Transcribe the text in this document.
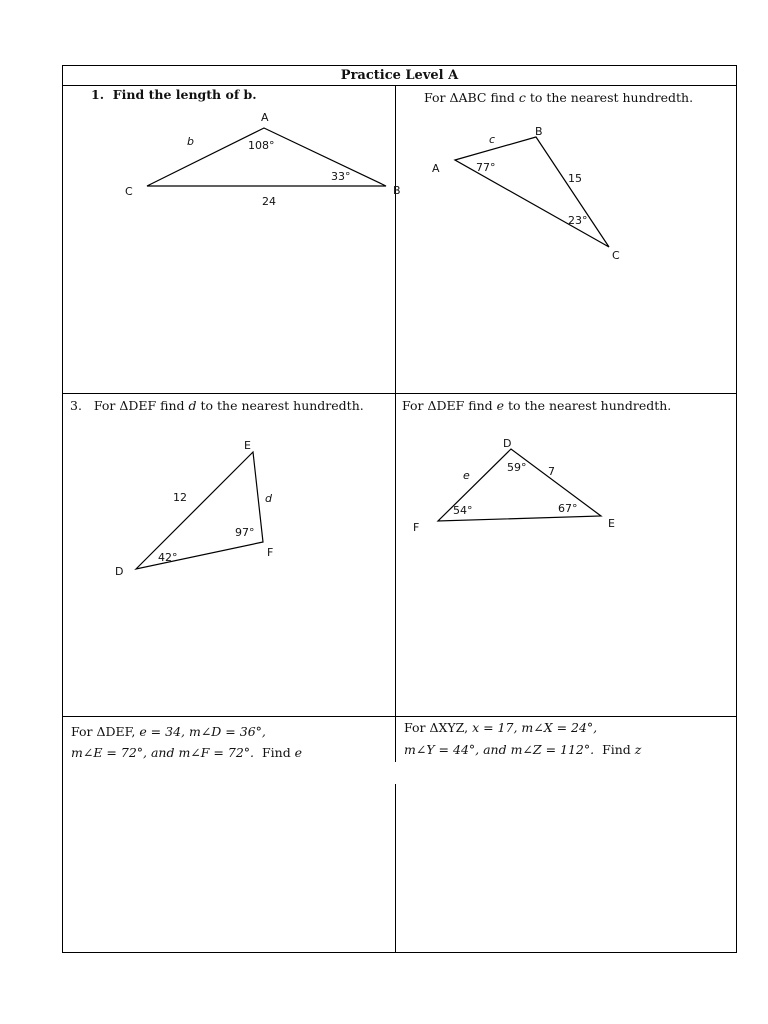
Practice Level A
1. Find the length of b.	For ΔABC find c to the nearest hundredth.
3. For ΔDEF find d to the nearest hundredth.	For ΔDEF find e to the nearest hundredth.
For ΔDEF, e = 34, m∠D = 36°,
m∠E = 72°, and m∠F = 72°. Find e
For ΔXYZ, x = 17, m∠X = 24°,
m∠Y = 44°, and m∠Z = 112°. Find z
A
B
C
108°
33°
24
b
A
B
C
77°
23°
15
c
D
E
F
42°
97°
12	d
D
E
F
59°
67°
54°
e	7
